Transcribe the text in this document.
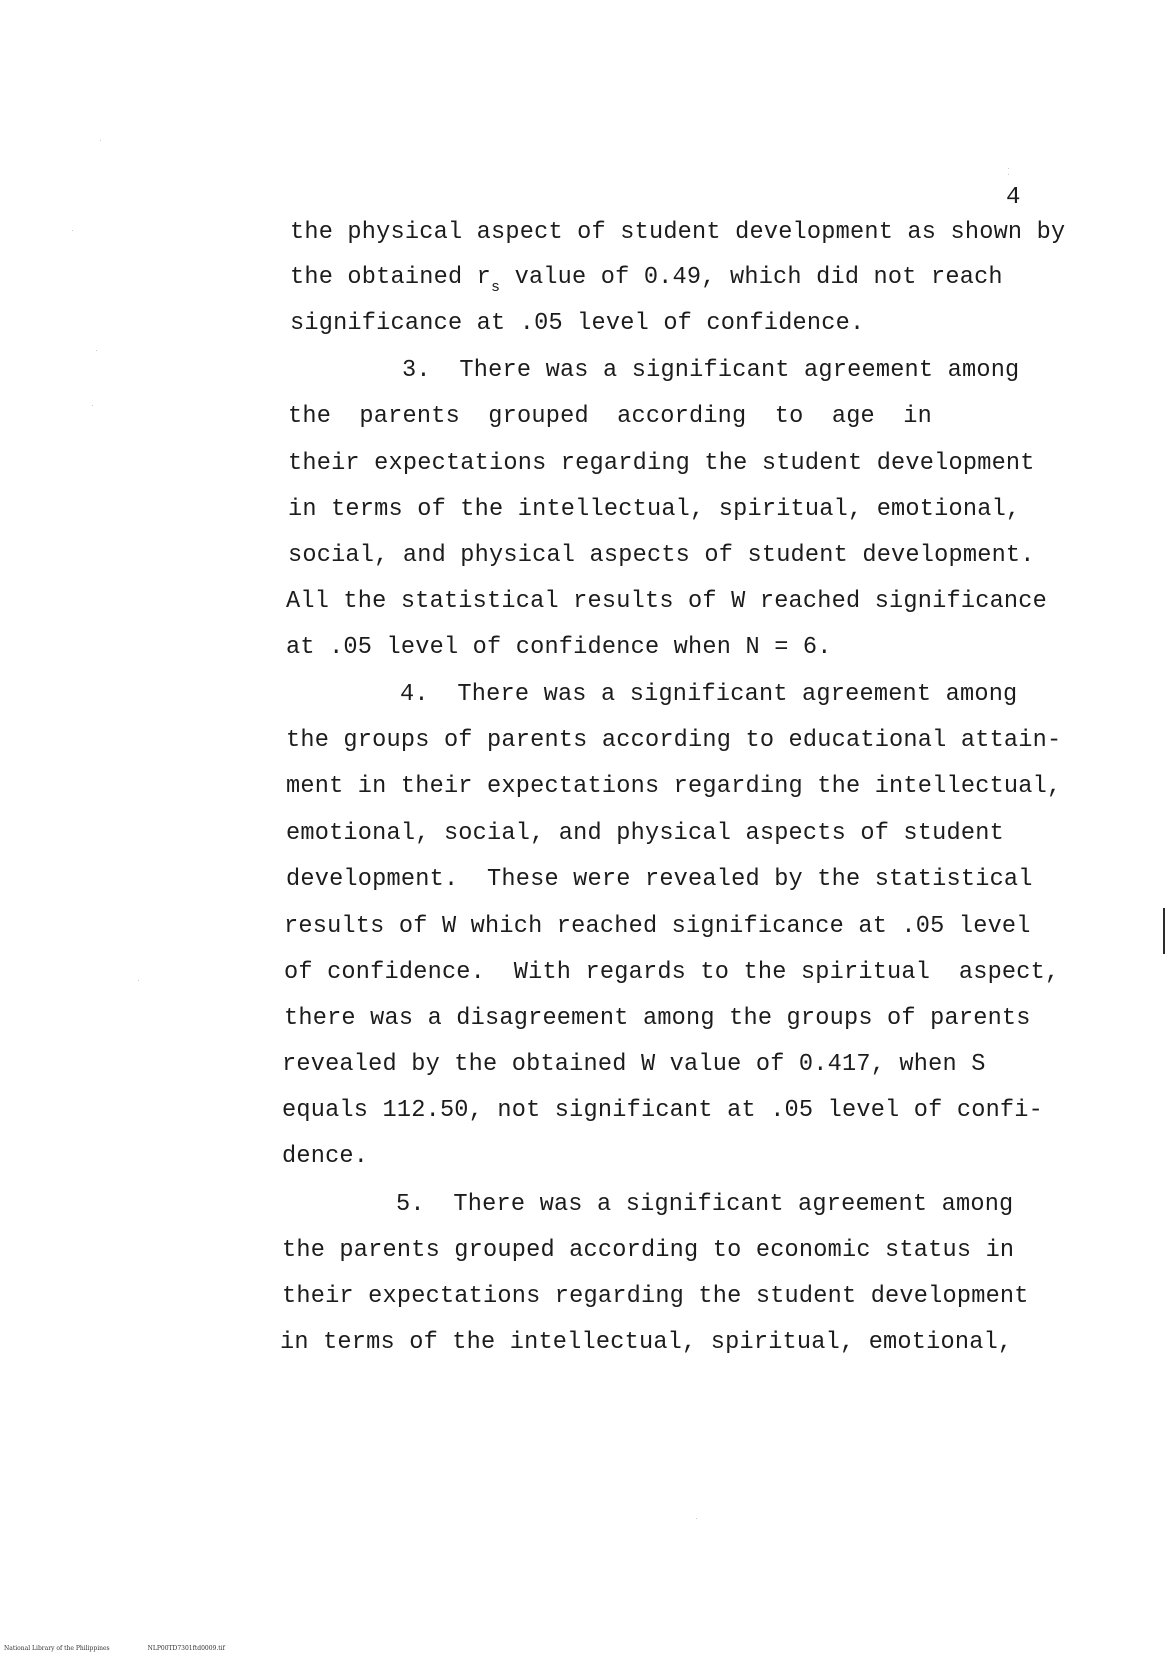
4
the physical aspect of student development as shown by
the obtained $r_s$ value of 0.49, which did not reach
significance at .05 level of confidence.
3.  There was a significant agreement among
the parents grouped according to age in
their expectations regarding the student development
in terms of the intellectual, spiritual, emotional,
social, and physical aspects of student development.
All the statistical results of W reached significance
at .05 level of confidence when N = 6.
4.  There was a significant agreement among
the groups of parents according to educational attain-
ment in their expectations regarding the intellectual,
emotional, social, and physical aspects of student
development.  These were revealed by the statistical
results of W which reached significance at .05 level
of confidence.  With regards to the spiritual  aspect,
there was a disagreement among the groups of parents
revealed by the obtained W value of 0.417, when S
equals 112.50, not significant at .05 level of confi-
dence.
5.  There was a significant agreement among
the parents grouped according to economic status in
their expectations regarding the student development
in terms of the intellectual, spiritual, emotional,
National Library of the Philippines	NLP00TD7301ftd0009.tif
